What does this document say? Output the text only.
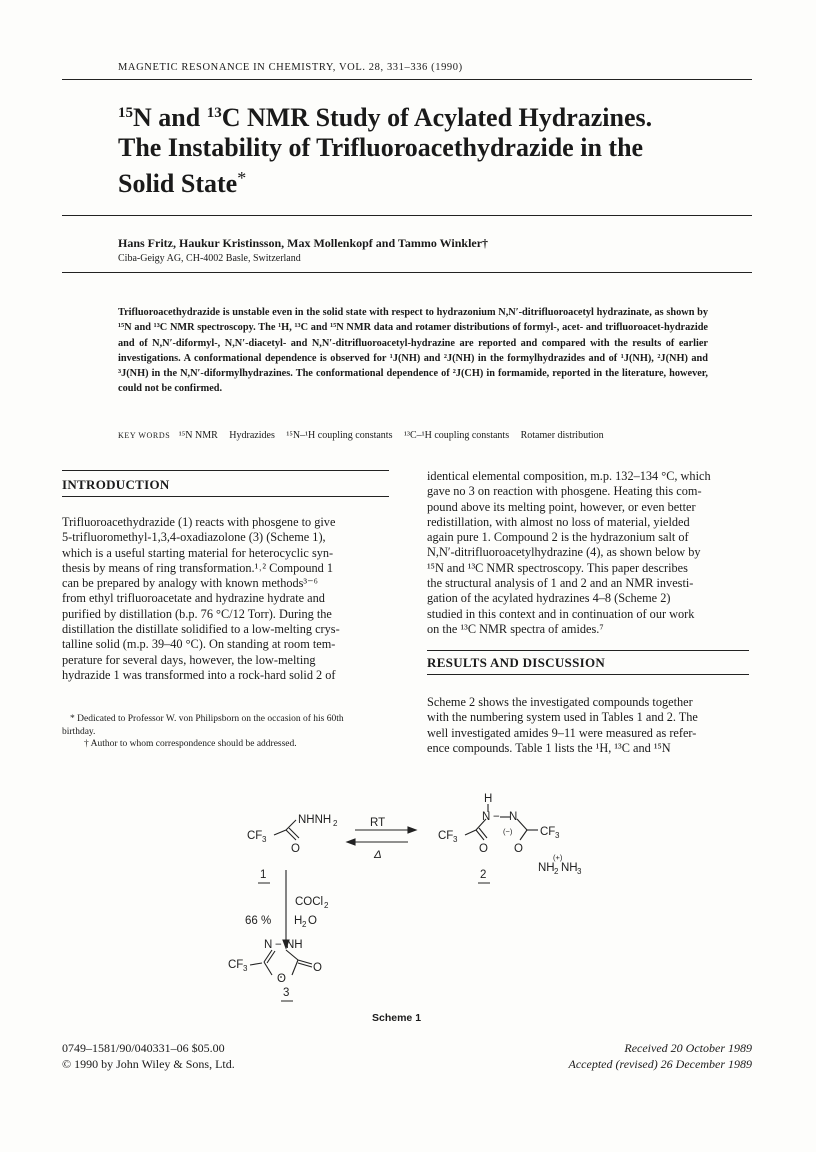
MAGNETIC RESONANCE IN CHEMISTRY, VOL. 28, 331–336 (1990)
$^{15}$N and $^{13}$C NMR Study of Acylated Hydrazines.
The Instability of Trifluoroacethydrazide in the
Solid State*
Hans Fritz, Haukur Kristinsson, Max Mollenkopf and Tammo Winkler†
Ciba-Geigy AG, CH-4002 Basle, Switzerland

Trifluoroacethydrazide is unstable even in the solid state with respect to hydrazonium N,N′-ditrifluoroacetyl hydrazinate, as shown by ¹⁵N and ¹³C NMR spectroscopy. The ¹H, ¹³C and ¹⁵N NMR data and rotamer distributions of formyl-, acet- and trifluoroacet-hydrazide and of N,N′-diformyl-, N,N′-diacetyl- and N,N′-ditrifluoroacetyl-hydrazine are reported and compared with the results of earlier investigations. A conformational dependence is observed for ¹J(NH) and ²J(NH) in the formylhydrazides and of ¹J(NH), ²J(NH) and ³J(NH) in the N,N′-diformylhydrazines. The conformational dependence of ²J(CH) in formamide, reported in the literature, however, could not be confirmed.

KEY WORDS ¹⁵N NMR Hydrazides ¹⁵N–¹H coupling constants ¹³C–¹H coupling constants Rotamer distribution
INTRODUCTION

Trifluoroacethydrazide (1) reacts with phosgene to give

5-trifluoromethyl-1,3,4-oxadiazolone (3) (Scheme 1),

which is a useful starting material for heterocyclic syn-

thesis by means of ring transformation.¹˒² Compound 1

can be prepared by analogy with known methods³⁻⁶

from ethyl trifluoroacetate and hydrazine hydrate and

purified by distillation (b.p. 76 °C/12 Torr). During the

distillation the distillate solidified to a low-melting crys-

talline solid (m.p. 39–40 °C). On standing at room tem-

perature for several days, however, the low-melting

hydrazide 1 was transformed into a rock-hard solid 2 of

* Dedicated to Professor W. von Philipsborn on the occasion of his 60th birthday.

† Author to whom correspondence should be addressed.

identical elemental composition, m.p. 132–134 °C, which

gave no 3 on reaction with phosgene. Heating this com-

pound above its melting point, however, or even better

redistillation, with almost no loss of material, yielded

again pure 1. Compound 2 is the hydrazonium salt of

N,N′-ditrifluoroacetylhydrazine (4), as shown below by

¹⁵N and ¹³C NMR spectroscopy. This paper describes

the structural analysis of 1 and 2 and an NMR investi-

gation of the acylated hydrazines 4–8 (Scheme 2)

studied in this context and in continuation of our work

on the ¹³C NMR spectra of amides.⁷

RESULTS AND DISCUSSION

Scheme 2 shows the investigated compounds together

with the numbering system used in Tables 1 and 2. The

well investigated amides 9–11 were measured as refer-

ence compounds. Table 1 lists the ¹H, ¹³C and ¹⁵N

NHNH 2
CF 3
O
RT
Δ
H
N − N
CF 3
(−) CF 3
O O
(+)
NH 2 NH 3
1	2
COCl 2
H 2 O
66 %
N − NH
CF 3
O
O
3
Scheme 1
0749–1581/90/040331–06 $05.00
© 1990 by John Wiley & Sons, Ltd.
Received 20 October 1989
Accepted (revised) 26 December 1989
